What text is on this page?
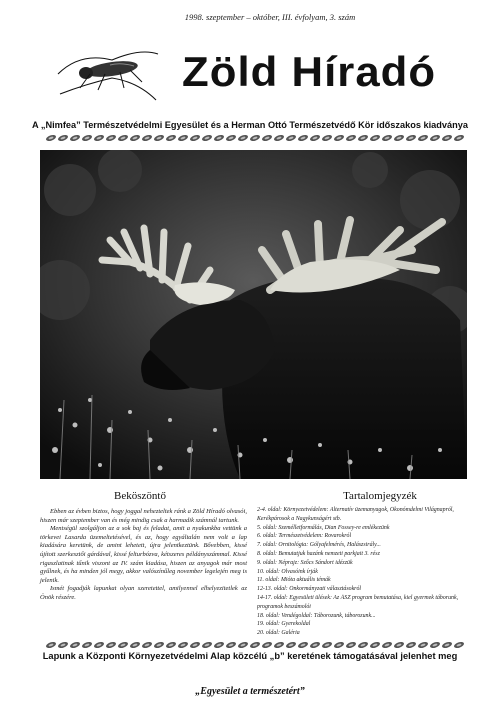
1998. szeptember – október, III. évfolyam, 3. szám
Zöld Híradó
A „Nimfea” Természetvédelmi Egyesület és a Herman Ottó Természetvédő Kör időszakos kiadványa
Beköszöntő

Ebben az évben biztos, hogy joggal nehezteltek ránk a Zöld Híradó olvasói, hiszen már szeptember van és még mindig csak a harmadik számnál tartunk.

Mentségül szolgáljon az a sok baj és feladat, amit a nyakunkba vettünk a törkevei Lasarda üzemeltetésével, és az, hogy egyáltalán nem volt a lap kiadására keretünk, de amint lehetett, újra jelentkeztünk. Bővebben, kissé újított szerkesztői gárdával, kissé felturbózva, kétszeres példányszámmal. Kissé rigaszlatinak tűnik viszont az IV. szám kiadása, hiszen az anyagok már most gyűlnek, és ha minden jól megy, akkor valószínűleg november legelején meg is jelenik.

Ismét fogadják lapunkat olyan szeretettel, amilyennel elhelyezitetlek az Önök részére.

Tartalomjegyzék
2-4. oldal: Környezetvédelem: Alternatív üzemanyagok, Ökonómdelmi Világnapról, Kerékpárosok a Nagykunságért stb.
5. oldal: Személletformálás, Dian Fossey-re emlékezünk
6. oldal: Természetvédelem: Rovarokról
7. oldal: Ornitológia: Gólyafelmérés, Halászsirály...
8. oldal: Bemutatjuk hazánk nemzeti parkjait 3. rész
9. oldal: Néprajz: Szőcs Sándort idézzük
10. oldal: Olvasóink írják
11. oldal: Mióta aktuális témák
12-13. oldal: Önkormányzati választásokról
14-17. oldal: Egyesületi ülések: Az ÁSZ program bemutatása, kiel gyermek táborunk, programok beszámolói
18. oldal: Vendégoldal: Táborozunk, táborozunk...
19. oldal: Gyerekoldal
20. oldal: Galéria
Lapunk a Központi Környezetvédelmi Alap közcélú „b” keretének támogatásával jelenhet meg
„Egyesület a természetért”
